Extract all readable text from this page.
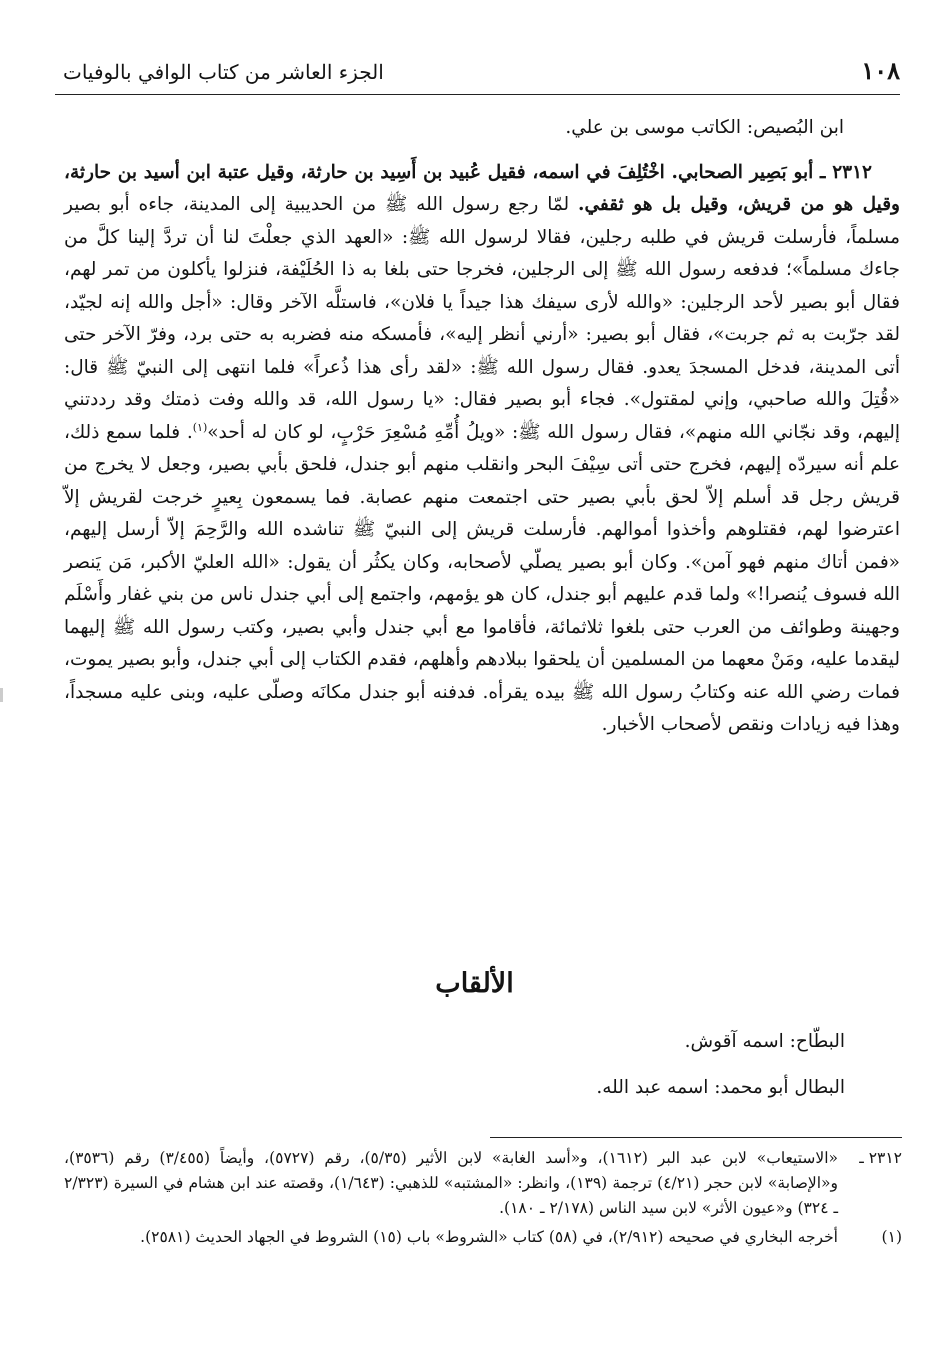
١٠٨
الجزء العاشر من كتاب الوافي بالوفيات

ابن البُصيص: الكاتب موسى بن علي.

٢٣١٢ ـ أبو بَصِير الصحابي. اخْتُلِفَ في اسمه، فقيل عُبيد بن أَسِيد بن حارثة، وقيل عتبة ابن أسيد بن حارثة، وقيل هو من قريش، وقيل بل هو ثقفي. لمّا رجع رسول الله ﷺ من الحديبية إلى المدينة، جاءه أبو بصير مسلماً، فأرسلت قريش في طلبه رجلين، فقالا لرسول الله ﷺ: «العهد الذي جعلْتَ لنا أن تردَّ إلينا كلَّ من جاءك مسلماً»؛ فدفعه رسول الله ﷺ إلى الرجلين، فخرجا حتى بلغا به ذا الحُلَيْفة، فنزلوا يأكلون من تمر لهم، فقال أبو بصير لأحد الرجلين: «والله لأرى سيفك هذا جيداً يا فلان»، فاستلَّه الآخر وقال: «أجل والله إنه لجيّد، لقد جرّبت به ثم جربت»، فقال أبو بصير: «أرني أنظر إليه»، فأمسكه منه فضربه به حتى برد، وفرّ الآخر حتى أتى المدينة، فدخل المسجدَ يعدو. فقال رسول الله ﷺ: «لقد رأى هذا ذُعراً» فلما انتهى إلى النبيّ ﷺ قال: «قُتِلَ والله صاحبي، وإني لمقتول». فجاء أبو بصير فقال: «يا رسول الله، قد والله وفت ذمتك وقد رددتني إليهم، وقد نجّاني الله منهم»، فقال رسول الله ﷺ: «ويلُ أُمِّهِ مُسْعِرَ حَرْبٍ، لو كان له أحد»$^{(١)}$. فلما سمع ذلك، علم أنه سيردّه إليهم، فخرج حتى أتى سِيْفَ البحر وانقلب منهم أبو جندل، فلحق بأبي بصير، وجعل لا يخرج من قريش رجل قد أسلم إلاّ لحق بأبي بصير حتى اجتمعت منهم عصابة. فما يسمعون بِعيرٍ خرجت لقريش إلاّ اعترضوا لهم، فقتلوهم وأخذوا أموالهم. فأرسلت قريش إلى النبيّ ﷺ تناشده الله والرَّحِمَ إلاّ أرسل إليهم، «فمن أتاك منهم فهو آمن». وكان أبو بصير يصلّي لأصحابه، وكان يكثُر أن يقول: «الله العليّ الأكبر، مَن يَنصر الله فسوف يُنصرا!» ولما قدم عليهم أبو جندل، كان هو يؤمهم، واجتمع إلى أبي جندل ناس من بني غفار وأَسْلَم وجهينة وطوائف من العرب حتى بلغوا ثلاثمائة، فأقاموا مع أبي جندل وأبي بصير، وكتب رسول الله ﷺ إليهما ليقدما عليه، ومَنْ معهما من المسلمين أن يلحقوا ببلادهم وأهلهم، فقدم الكتاب إلى أبي جندل، وأبو بصير يموت، فمات رضي الله عنه وكتابُ رسول الله ﷺ بيده يقرأه. فدفنه أبو جندل مكانَه وصلّى عليه، وبنى عليه مسجداً، وهذا فيه زيادات ونقص لأصحاب الأخبار.

الألقاب
البطّاح: اسمه آقوش.
البطال أبو محمد: اسمه عبد الله.
٢٣١٢ ـ
«الاستيعاب» لابن عبد البر (١٦١٢)، و«أسد الغابة» لابن الأثير (٥/٣٥)، رقم (٥٧٢٧)، وأيضاً (٣/٤٥٥) رقم (٣٥٣٦)، و«الإصابة» لابن حجر (٤/٢١) ترجمة (١٣٩)، وانظر: «المشتبه» للذهبي: (١/٦٤٣)، وقصته عند ابن هشام في السيرة (٢/٣٢٣ ـ ٣٢٤) و«عيون الأثر» لابن سيد الناس (٢/١٧٨ ـ ١٨٠).
(١)
أخرجه البخاري في صحيحه (٢/٩١٢)، في (٥٨) كتاب «الشروط» باب (١٥) الشروط في الجهاد الحديث (٢٥٨١).
